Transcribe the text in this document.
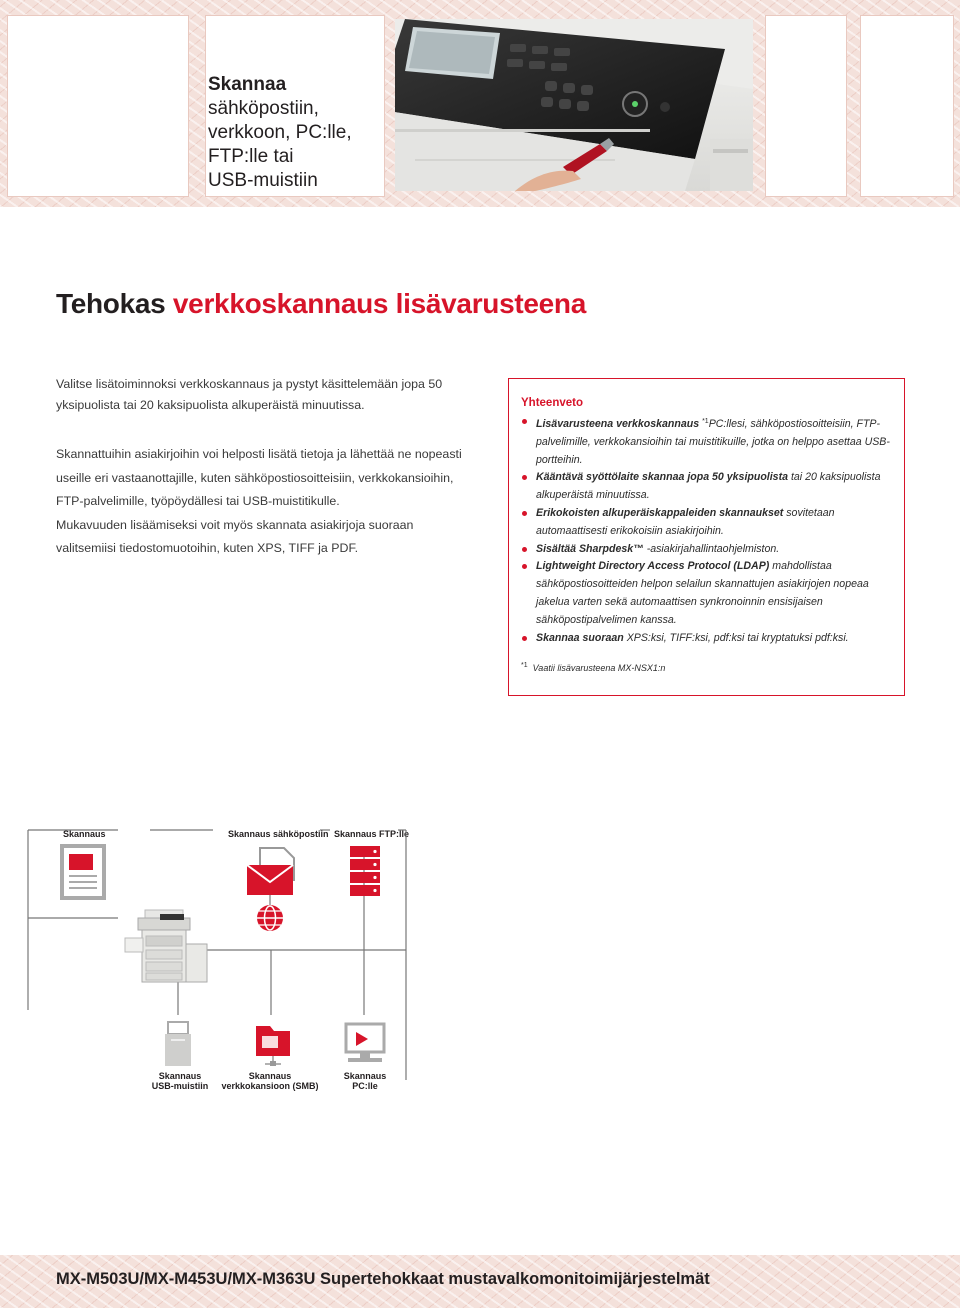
Skannaa
sähköpostiin,
verkkoon, PC:lle,
FTP:lle tai
USB-muistiin
Tehokas verkkoskannaus lisävarusteena
Valitse lisätoiminnoksi verkkoskannaus ja pystyt käsittelemään jopa 50 yksipuolista tai 20 kaksipuolista alkuperäistä minuutissa.

Skannattuihin asiakirjoihin voi helposti lisätä tietoja ja lähettää ne nopeasti useille eri vastaanottajille, kuten sähköpostiosoitteisiin, verkkokansioihin, FTP-palvelimille, työpöydällesi tai USB-muistitikulle.

Mukavuuden lisäämiseksi voit myös skannata asiakirjoja suoraan valitsemiisi tiedostomuotoihin, kuten XPS, TIFF ja PDF.

Yhteenveto
Lisävarusteena verkkoskannaus $^{*1}$PC:llesi, sähköpostiosoitteisiin, FTP-palvelimille, verkkokansioihin tai muistitikuille, jotka on helppo asettaa USB-portteihin.
Kääntävä syöttölaite skannaa jopa 50 yksipuolista tai 20 kaksipuolista alkuperäistä minuutissa.
Erikokoisten alkuperäiskappaleiden skannaukset sovitetaan automaattisesti erikokoisiin asiakirjoihin.
Sisältää Sharpdesk™ -asiakirjahallintaohjelmiston.
Lightweight Directory Access Protocol (LDAP) mahdollistaa sähköpostiosoitteiden helpon selailun skannattujen asiakirjojen nopeaa jakelua varten sekä automaattisen synkronoinnin ensisijaisen sähköpostipalvelimen kanssa.
Skannaa suoraan XPS:ksi, TIFF:ksi, pdf:ksi tai kryptatuksi pdf:ksi.
$^{*1}$ Vaatii lisävarusteena MX-NSX1:n
Skannaus	Skannaus sähköpostiin Skannaus FTP:lle
Skannaus
USB-muistiin
Skannaus
verkkokansioon (SMB)
Skannaus
PC:lle
MX-M503U/MX-M453U/MX-M363U Supertehokkaat mustavalkomonitoimijärjestelmät
